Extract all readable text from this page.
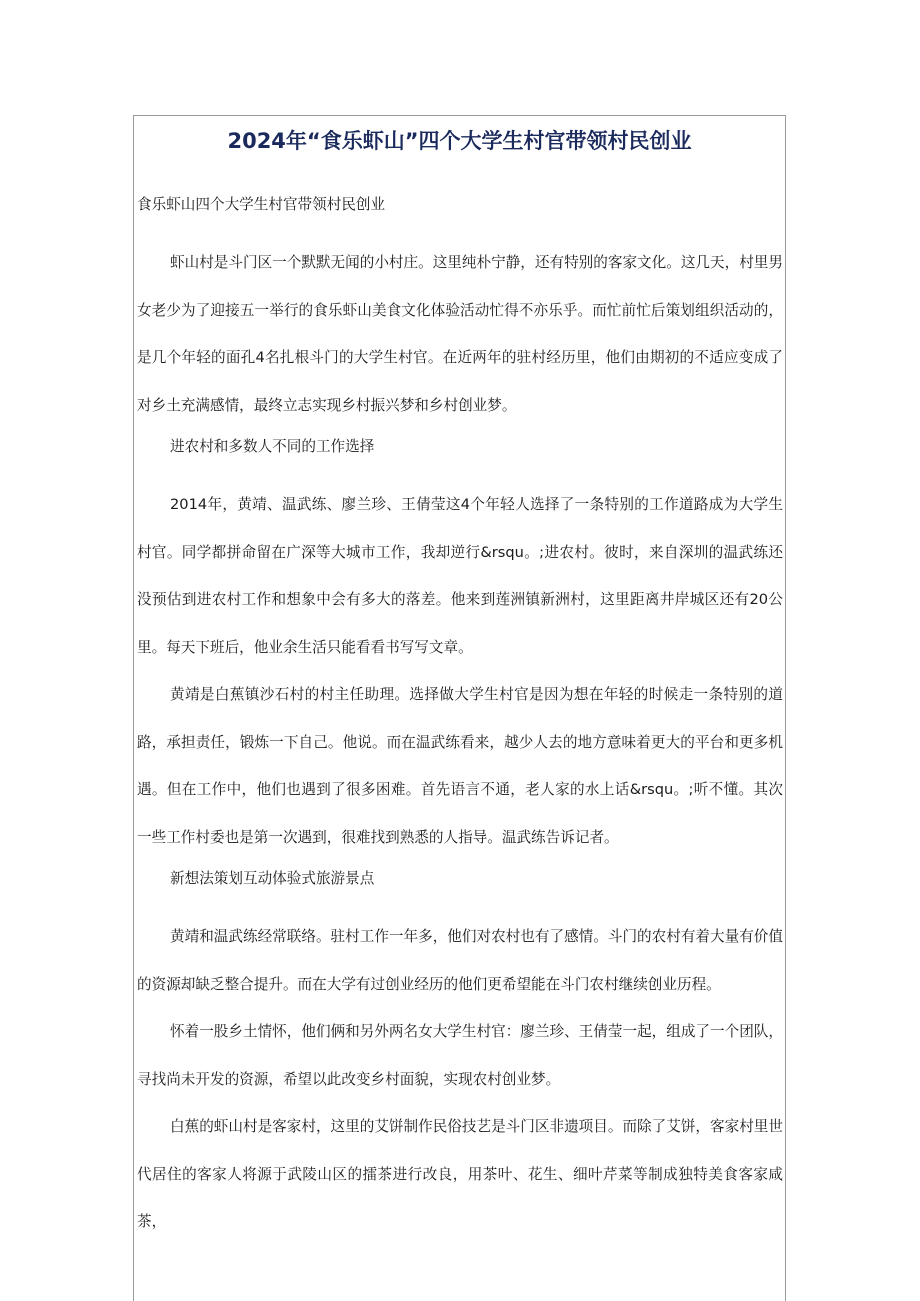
2024年“食乐虾山”四个大学生村官带领村民创业

食乐虾山四个大学生村官带领村民创业

虾山村是斗门区一个默默无闻的小村庄。这里纯朴宁静，还有特别的客家文化。这几天，村里男女老少为了迎接五一举行的食乐虾山美食文化体验活动忙得不亦乐乎。而忙前忙后策划组织活动的，是几个年轻的面孔4名扎根斗门的大学生村官。在近两年的驻村经历里，他们由期初的不适应变成了对乡土充满感情，最终立志实现乡村振兴梦和乡村创业梦。

进农村和多数人不同的工作选择

2014年，黄靖、温武练、廖兰珍、王倩莹这4个年轻人选择了一条特别的工作道路成为大学生村官。同学都拼命留在广深等大城市工作，我却逆行&rsqu。;进农村。彼时，来自深圳的温武练还没预估到进农村工作和想象中会有多大的落差。他来到莲洲镇新洲村，这里距离井岸城区还有20公里。每天下班后，他业余生活只能看看书写写文章。

黄靖是白蕉镇沙石村的村主任助理。选择做大学生村官是因为想在年轻的时候走一条特别的道路，承担责任，锻炼一下自己。他说。而在温武练看来，越少人去的地方意味着更大的平台和更多机遇。但在工作中，他们也遇到了很多困难。首先语言不通，老人家的水上话&rsqu。;听不懂。其次一些工作村委也是第一次遇到，很难找到熟悉的人指导。温武练告诉记者。

新想法策划互动体验式旅游景点

黄靖和温武练经常联络。驻村工作一年多，他们对农村也有了感情。斗门的农村有着大量有价值的资源却缺乏整合提升。而在大学有过创业经历的他们更希望能在斗门农村继续创业历程。

怀着一股乡土情怀，他们俩和另外两名女大学生村官：廖兰珍、王倩莹一起，组成了一个团队，寻找尚未开发的资源，希望以此改变乡村面貌，实现农村创业梦。

白蕉的虾山村是客家村，这里的艾饼制作民俗技艺是斗门区非遗项目。而除了艾饼，客家村里世代居住的客家人将源于武陵山区的擂茶进行改良，用茶叶、花生、细叶芹菜等制成独特美食客家咸茶，
